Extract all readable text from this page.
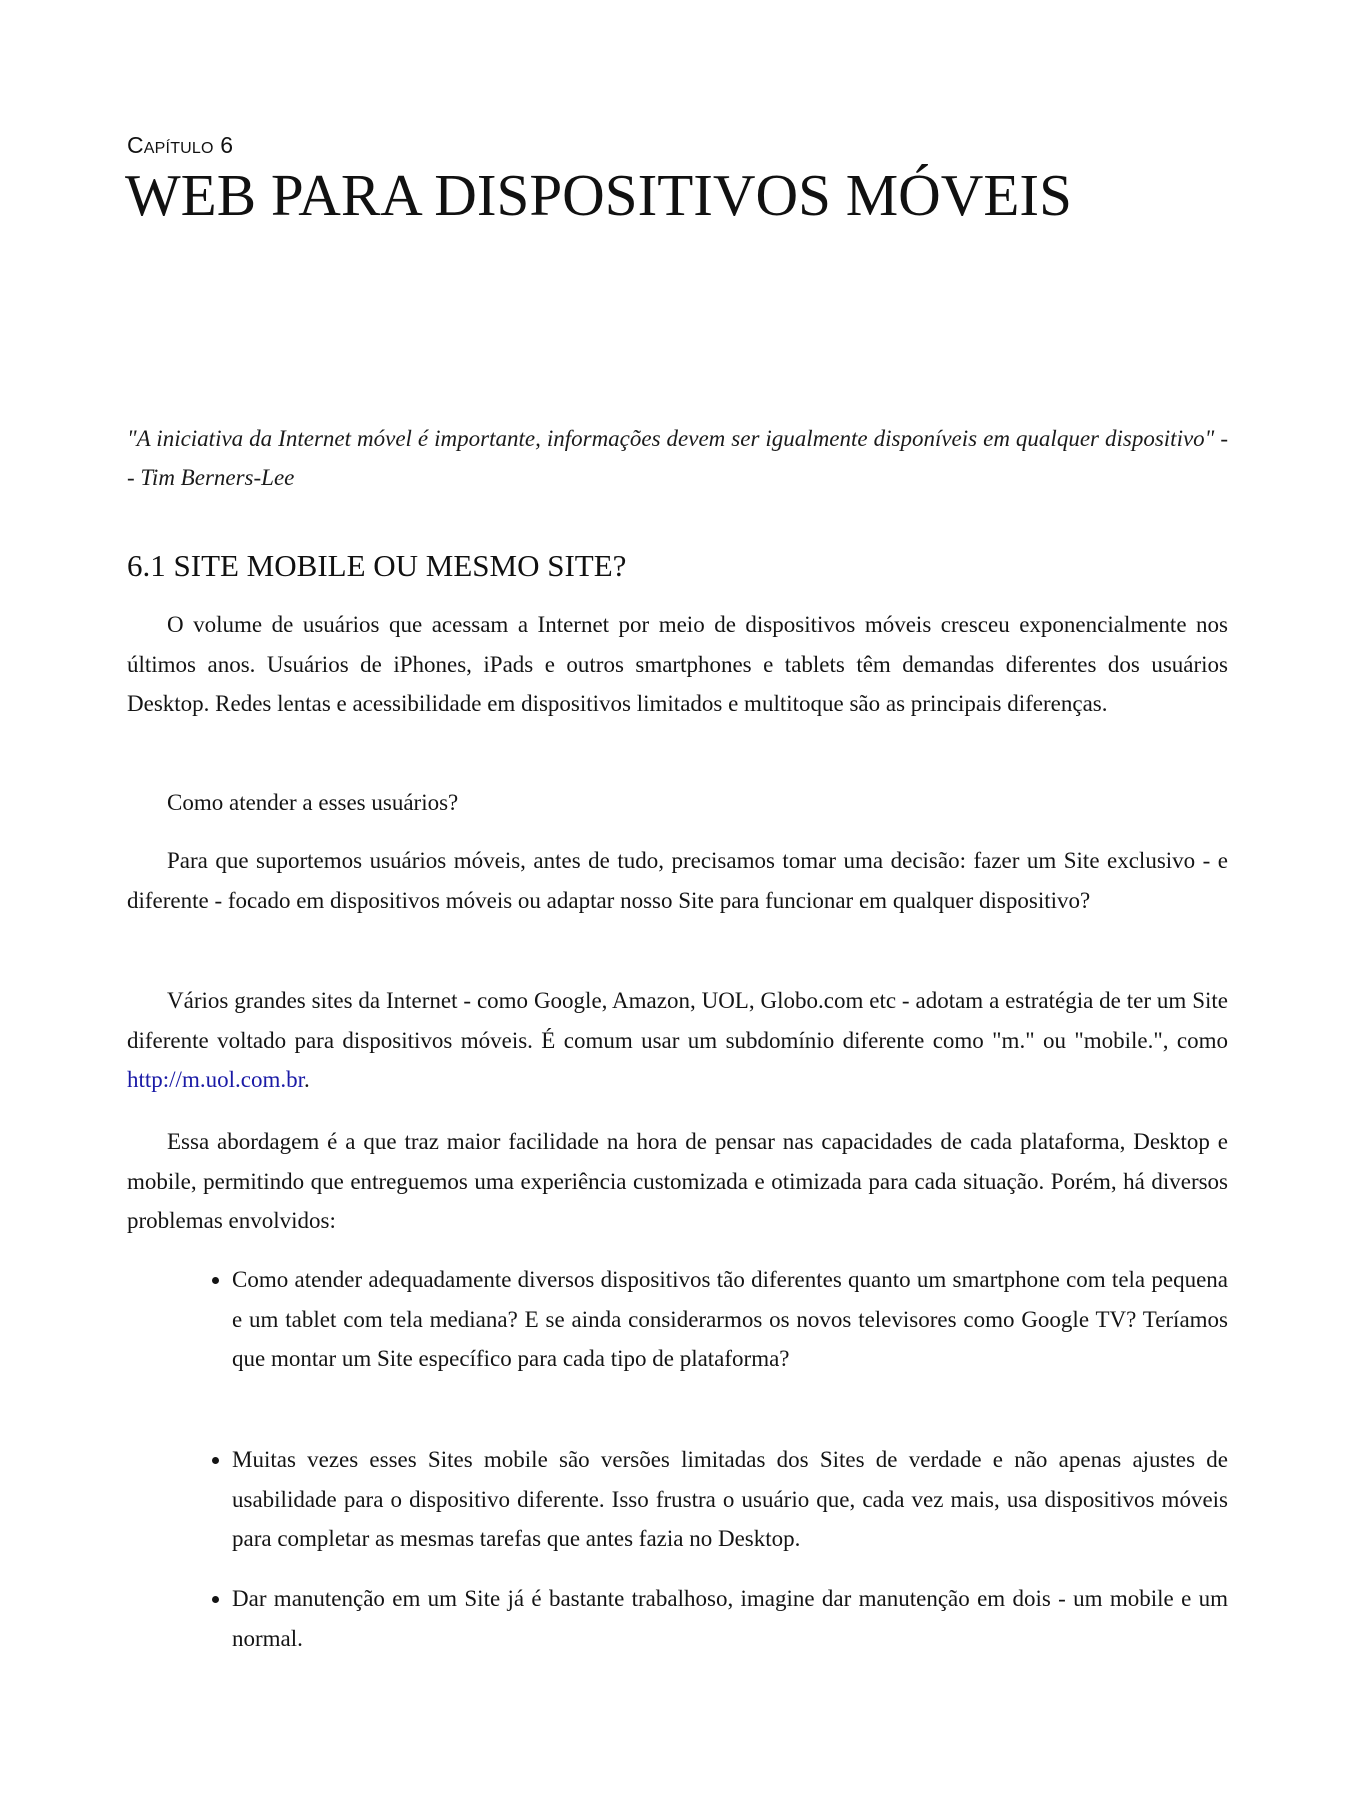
Capítulo 6
WEB PARA DISPOSITIVOS MÓVEIS

"A iniciativa da Internet móvel é importante, informações devem ser igualmente disponíveis em qualquer dispositivo" -- Tim Berners-Lee

6.1 SITE MOBILE OU MESMO SITE?

O volume de usuários que acessam a Internet por meio de dispositivos móveis cresceu exponencialmente nos últimos anos. Usuários de iPhones, iPads e outros smartphones e tablets têm demandas diferentes dos usuários Desktop. Redes lentas e acessibilidade em dispositivos limitados e multitoque são as principais diferenças.

Como atender a esses usuários?

Para que suportemos usuários móveis, antes de tudo, precisamos tomar uma decisão: fazer um Site exclusivo - e diferente - focado em dispositivos móveis ou adaptar nosso Site para funcionar em qualquer dispositivo?

Vários grandes sites da Internet - como Google, Amazon, UOL, Globo.com etc - adotam a estratégia de ter um Site diferente voltado para dispositivos móveis. É comum usar um subdomínio diferente como "m." ou "mobile.", como http://m.uol.com.br.

Essa abordagem é a que traz maior facilidade na hora de pensar nas capacidades de cada plataforma, Desktop e mobile, permitindo que entreguemos uma experiência customizada e otimizada para cada situação. Porém, há diversos problemas envolvidos:

Como atender adequadamente diversos dispositivos tão diferentes quanto um smartphone com tela pequena e um tablet com tela mediana? E se ainda considerarmos os novos televisores como Google TV? Teríamos que montar um Site específico para cada tipo de plataforma?
Muitas vezes esses Sites mobile são versões limitadas dos Sites de verdade e não apenas ajustes de usabilidade para o dispositivo diferente. Isso frustra o usuário que, cada vez mais, usa dispositivos móveis para completar as mesmas tarefas que antes fazia no Desktop.
Dar manutenção em um Site já é bastante trabalhoso, imagine dar manutenção em dois - um mobile e um normal.
